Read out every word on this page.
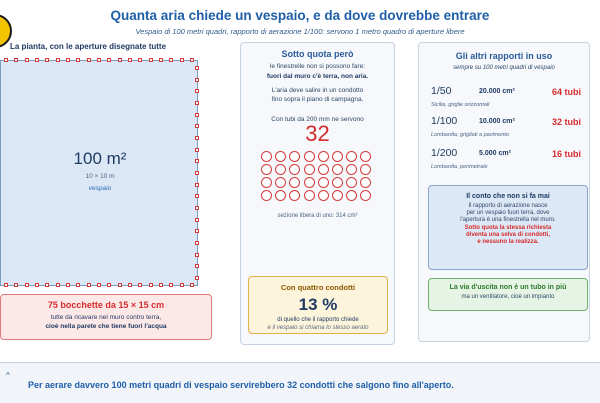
Quanta aria chiede un vespaio, e da dove dovrebbe entrare
Vespaio di 100 metri quadri, rapporto di aerazione 1/100: servono 1 metro quadro di aperture libere
La pianta, con le aperture disegnate tutte
100 m²
10 × 10 m
vespaio
75 bocchette da 15 × 15 cm
tutte da ricavare nel muro contro terra,
cioè nella parete che tiene fuori l'acqua
Sotto quota però
le finestrelle non si possono fare:
fuori dal muro c'è terra, non aria.
L'aria deve salire in un condotto
fino sopra il piano di campagna.
Con tubi da 200 mm ne servono
32
sezione libera di uno: 314 cm²
Con quattro condotti
13 %
di quello che il rapporto chiede
e il vespaio si chiama lo stesso aerato
Gli altri rapporti in uso
sempre su 100 metri quadri di vespaio
1/50	20.000 cm²	64 tubi
Sicilia, griglie orizzontali
1/100	10.000 cm²	32 tubi
Lombardia, grigliati a pavimento
1/200	5.000 cm²	16 tubi
Lombardia, perimetrale
Il conto che non si fa mai
Il rapporto di aerazione nasce
per un vespaio fuori terra, dove
l'apertura è una finestrella nel muro.
Sotto quota la stessa richiesta
diventa una selva di condotti,
e nessuno la realizza.
La via d'uscita non è un tubo in più
ma un ventilatore, cioè un impianto
^
Per aerare davvero 100 metri quadri di vespaio servirebbero 32 condotti che salgono fino all'aperto.
